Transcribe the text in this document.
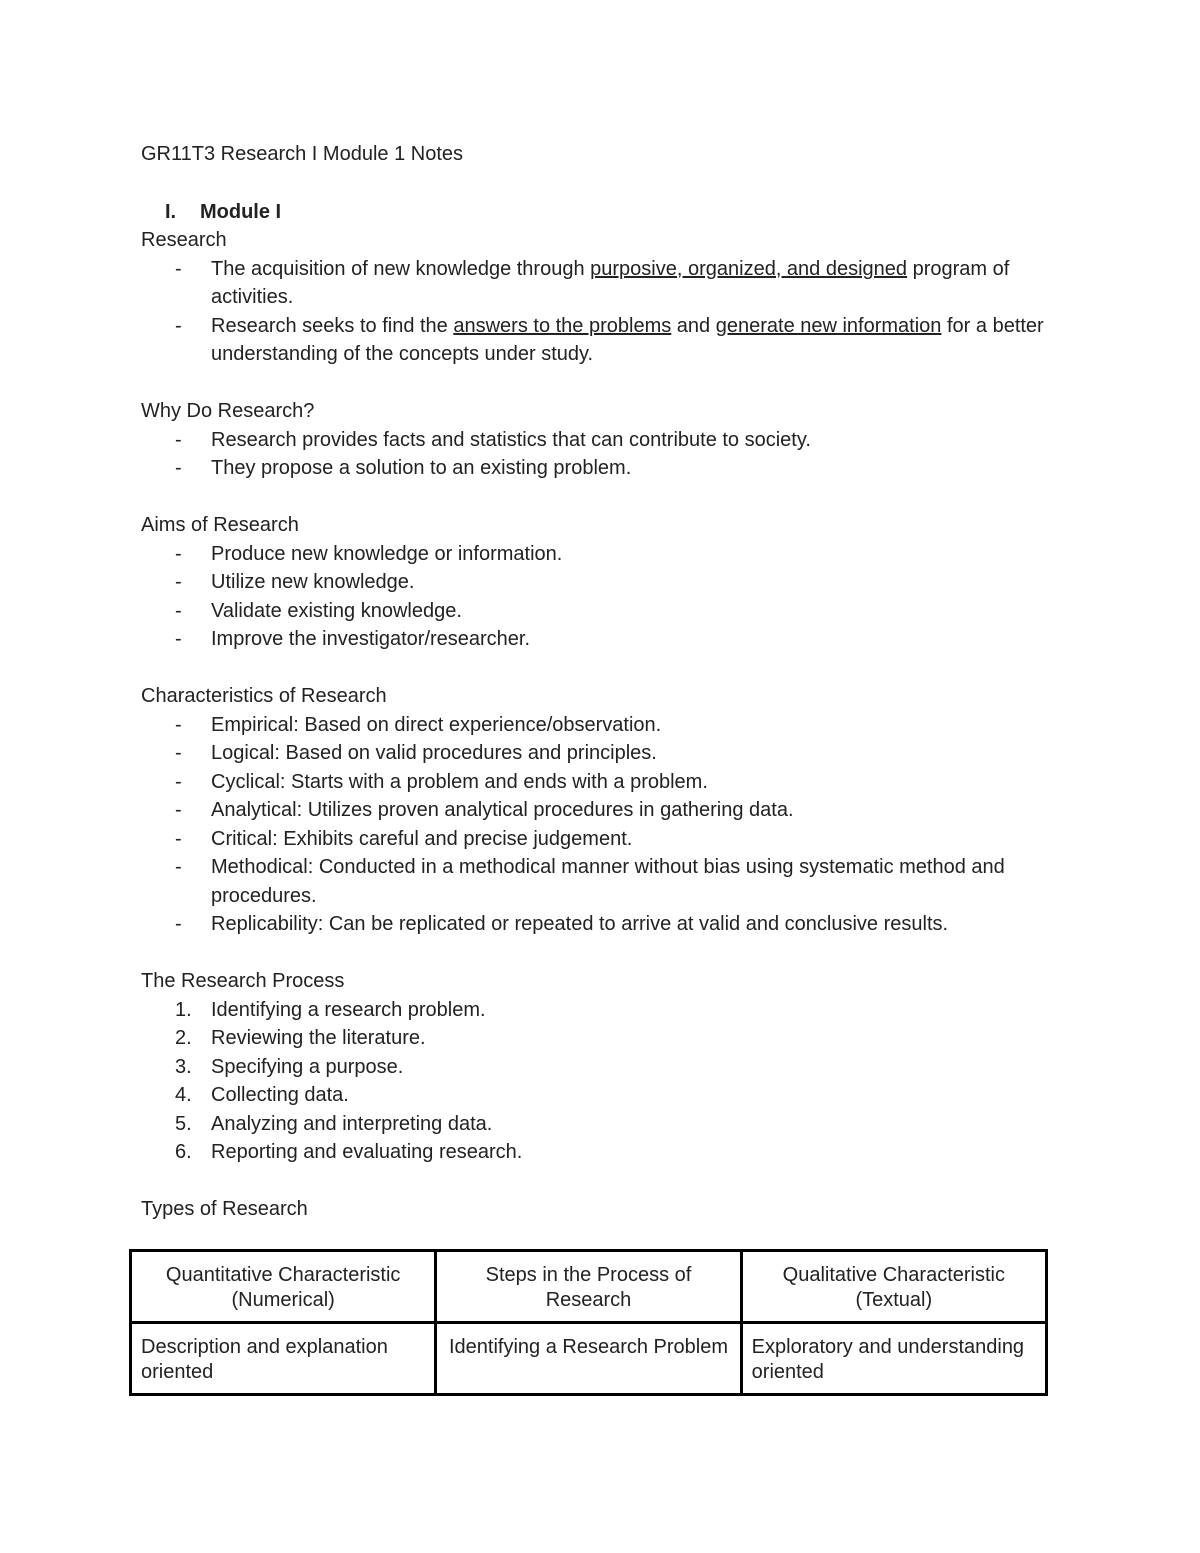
GR11T3 Research I Module 1 Notes

I.	Module I

Research

-	The acquisition of new knowledge through purposive, organized, and designed program of activities.
-	Research seeks to find the answers to the problems and generate new information for a better understanding of the concepts under study.

Why Do Research?

-	Research provides facts and statistics that can contribute to society.
-	They propose a solution to an existing problem.

Aims of Research

-	Produce new knowledge or information.
-	Utilize new knowledge.
-	Validate existing knowledge.
-	Improve the investigator/researcher.

Characteristics of Research

-	Empirical: Based on direct experience/observation.
-	Logical: Based on valid procedures and principles.
-	Cyclical: Starts with a problem and ends with a problem.
-	Analytical: Utilizes proven analytical procedures in gathering data.
-	Critical: Exhibits careful and precise judgement.
-	Methodical: Conducted in a methodical manner without bias using systematic method and procedures.
-	Replicability: Can be replicated or repeated to arrive at valid and conclusive results.

The Research Process

1. Identifying a research problem.
2. Reviewing the literature.
3. Specifying a purpose.
4. Collecting data.
5. Analyzing and interpreting data.
6. Reporting and evaluating research.

Types of Research

Quantitative Characteristic (Numerical)	Steps in the Process of Research	Qualitative Characteristic (Textual)
Description and explanation oriented	Identifying a Research Problem	Exploratory and understanding oriented
